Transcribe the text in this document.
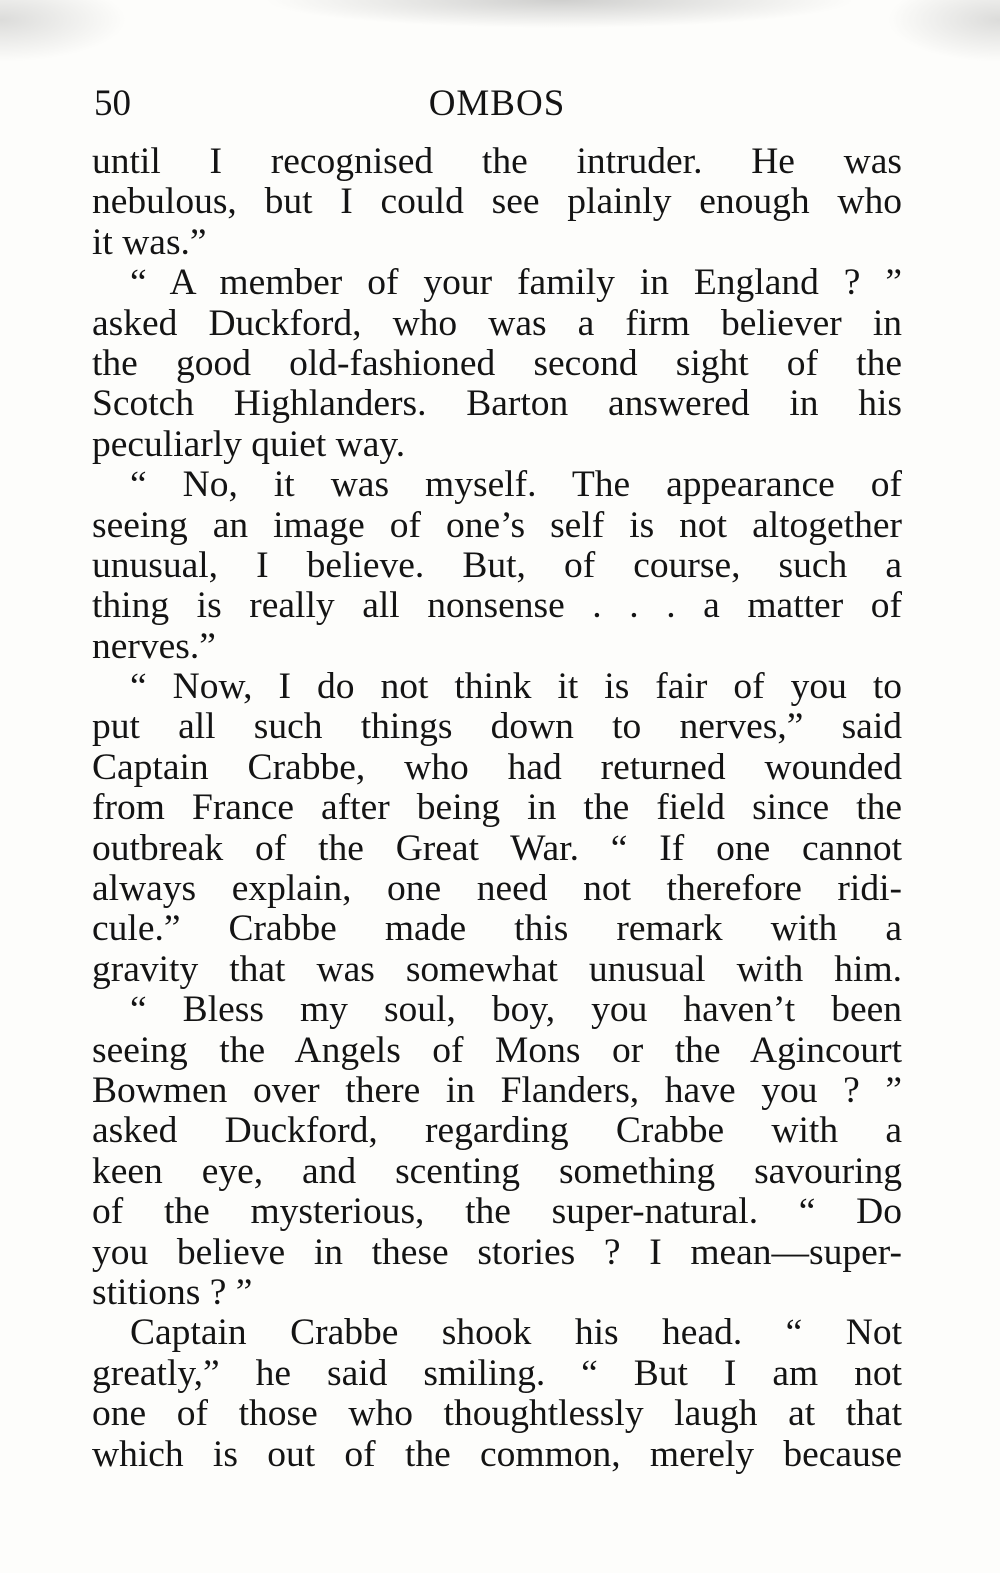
50	OMBOS
until I recognised the intruder. He was
nebulous, but I could see plainly enough who
it was.”
“ A member of your family in England ? ”
asked Duckford, who was a firm believer in
the good old-fashioned second sight of the
Scotch Highlanders. Barton answered in his
peculiarly quiet way.
“ No, it was myself. The appearance of
seeing an image of one’s self is not altogether
unusual, I believe. But, of course, such a
thing is really all nonsense . . . a matter of
nerves.”
“ Now, I do not think it is fair of you to
put all such things down to nerves,” said
Captain Crabbe, who had returned wounded
from France after being in the field since the
outbreak of the Great War. “ If one cannot
always explain, one need not therefore ridi-
cule.” Crabbe made this remark with a
gravity that was somewhat unusual with him.
“ Bless my soul, boy, you haven’t been
seeing the Angels of Mons or the Agincourt
Bowmen over there in Flanders, have you ? ”
asked Duckford, regarding Crabbe with a
keen eye, and scenting something savouring
of the mysterious, the super-natural. “ Do
you believe in these stories ? I mean—super-
stitions ? ”
Captain Crabbe shook his head. “ Not
greatly,” he said smiling. “ But I am not
one of those who thoughtlessly laugh at that
which is out of the common, merely because
